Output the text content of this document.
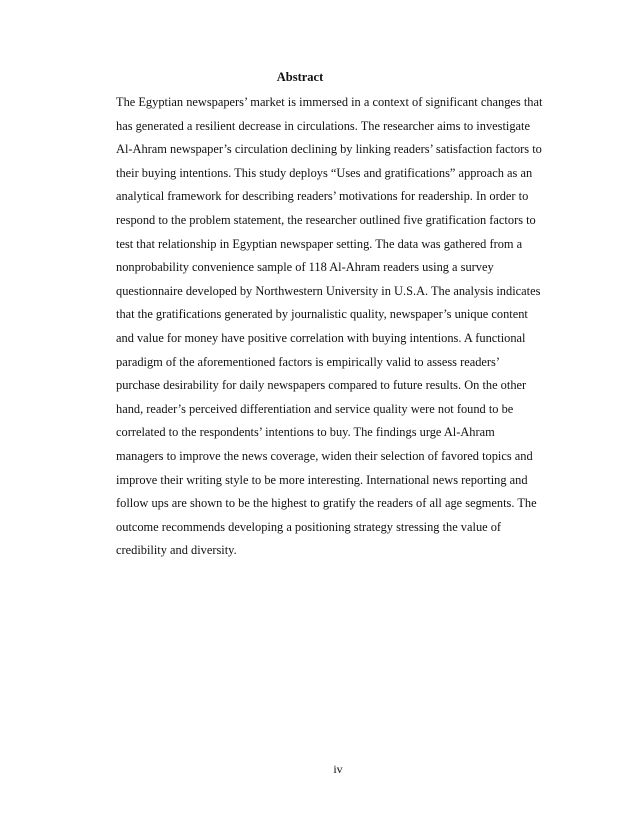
Abstract
The Egyptian newspapers’ market is immersed in a context of significant changes that
has generated a resilient decrease in circulations. The researcher aims to investigate
Al-Ahram newspaper’s circulation declining by linking readers’ satisfaction factors to
their buying intentions. This study deploys “Uses and gratifications” approach as an
analytical framework for describing readers’ motivations for readership. In order to
respond to the problem statement, the researcher outlined five gratification factors to
test that relationship in Egyptian newspaper setting. The data was gathered from a
nonprobability convenience sample of 118 Al-Ahram readers using a survey
questionnaire developed by Northwestern University in U.S.A. The analysis indicates
that the gratifications generated by journalistic quality, newspaper’s unique content
and value for money have positive correlation with buying intentions. A functional
paradigm of the aforementioned factors is empirically valid to assess readers’
purchase desirability for daily newspapers compared to future results. On the other
hand, reader’s perceived differentiation and service quality were not found to be
correlated to the respondents’ intentions to buy. The findings urge Al-Ahram
managers to improve the news coverage, widen their selection of favored topics and
improve their writing style to be more interesting. International news reporting and
follow ups are shown to be the highest to gratify the readers of all age segments. The
outcome recommends developing a positioning strategy stressing the value of
credibility and diversity.
iv
